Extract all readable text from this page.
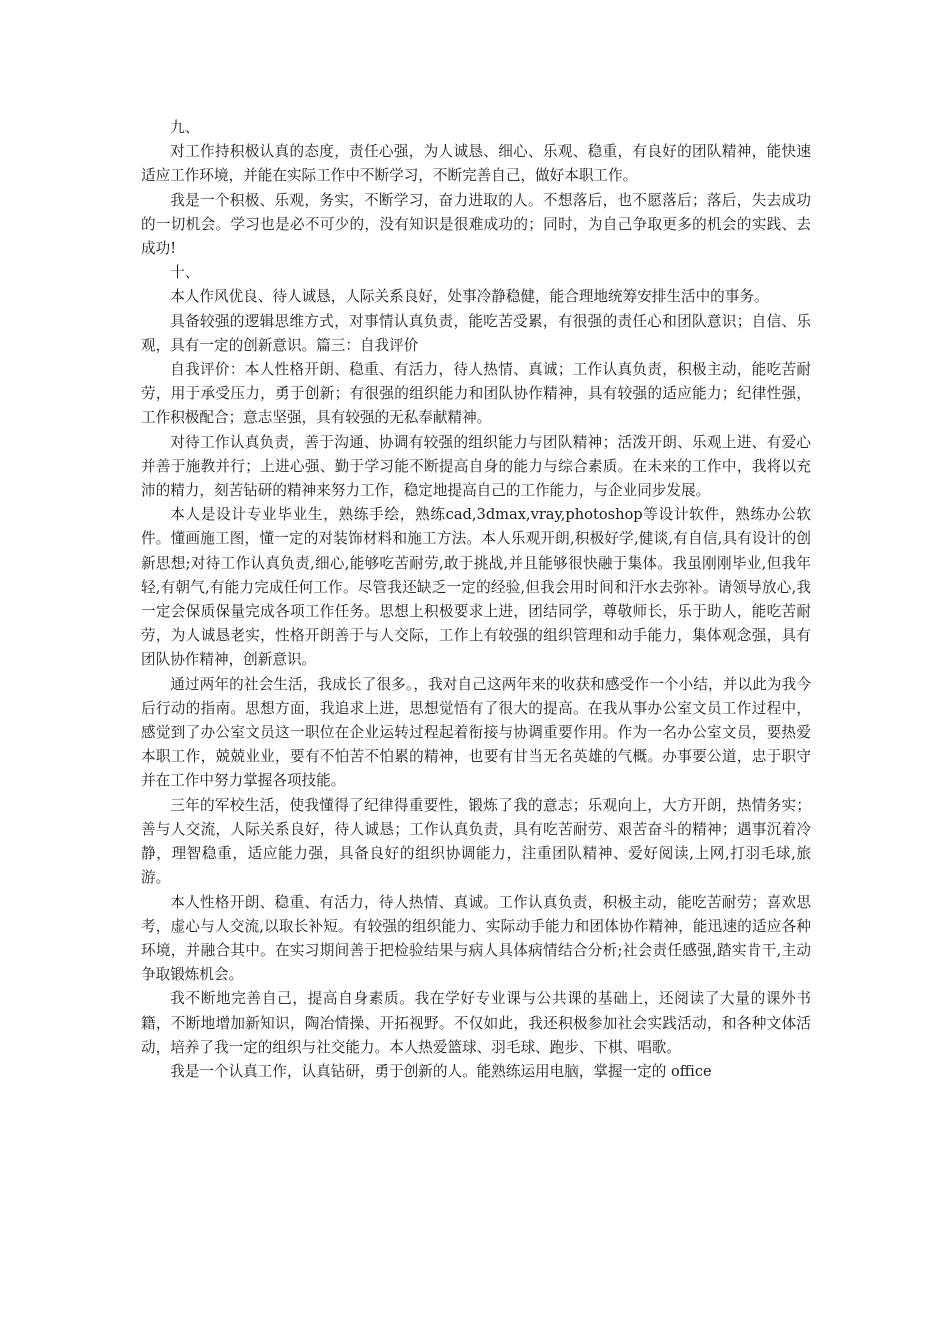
九、

对工作持积极认真的态度，责任心强，为人诚恳、细心、乐观、稳重，有良好的团队精神，能快速适应工作环境，并能在实际工作中不断学习，不断完善自己，做好本职工作。

我是一个积极、乐观，务实，不断学习，奋力进取的人。不想落后，也不愿落后；落后，失去成功的一切机会。学习也是必不可少的，没有知识是很难成功的；同时，为自己争取更多的机会的实践、去成功!

十、

本人作风优良、待人诚恳，人际关系良好，处事冷静稳健，能合理地统筹安排生活中的事务。

具备较强的逻辑思维方式，对事情认真负责，能吃苦受累，有很强的责任心和团队意识；自信、乐观，具有一定的创新意识。篇三：自我评价

自我评价：本人性格开朗、稳重、有活力，待人热情、真诚；工作认真负责，积极主动，能吃苦耐劳，用于承受压力，勇于创新；有很强的组织能力和团队协作精神，具有较强的适应能力；纪律性强，工作积极配合；意志坚强，具有较强的无私奉献精神。

对待工作认真负责，善于沟通、协调有较强的组织能力与团队精神；活泼开朗、乐观上进、有爱心并善于施教并行；上进心强、勤于学习能不断提高自身的能力与综合素质。在未来的工作中，我将以充沛的精力，刻苦钻研的精神来努力工作，稳定地提高自己的工作能力，与企业同步发展。

本人是设计专业毕业生，熟练手绘，熟练cad,3dmax,vray,photoshop等设计软件，熟练办公软件。懂画施工图，懂一定的对装饰材料和施工方法。本人乐观开朗,积极好学,健谈,有自信,具有设计的创新思想;对待工作认真负责,细心,能够吃苦耐劳,敢于挑战,并且能够很快融于集体。我虽刚刚毕业,但我年轻,有朝气,有能力完成任何工作。尽管我还缺乏一定的经验,但我会用时间和汗水去弥补。请领导放心,我一定会保质保量完成各项工作任务。思想上积极要求上进，团结同学，尊敬师长，乐于助人，能吃苦耐劳，为人诚恳老实，性格开朗善于与人交际，工作上有较强的组织管理和动手能力，集体观念强，具有团队协作精神，创新意识。

通过两年的社会生活，我成长了很多。，我对自己这两年来的收获和感受作一个小结，并以此为我今后行动的指南。思想方面，我追求上进，思想觉悟有了很大的提高。在我从事办公室文员工作过程中，感觉到了办公室文员这一职位在企业运转过程起着衔接与协调重要作用。作为一名办公室文员，要热爱本职工作，兢兢业业，要有不怕苦不怕累的精神，也要有甘当无名英雄的气概。办事要公道，忠于职守并在工作中努力掌握各项技能。

三年的军校生活，使我懂得了纪律得重要性，锻炼了我的意志；乐观向上，大方开朗，热情务实；善与人交流，人际关系良好，待人诚恳；工作认真负责，具有吃苦耐劳、艰苦奋斗的精神；遇事沉着冷静，理智稳重，适应能力强，具备良好的组织协调能力，注重团队精神、爱好阅读,上网,打羽毛球,旅游。

本人性格开朗、稳重、有活力，待人热情、真诚。工作认真负责，积极主动，能吃苦耐劳；喜欢思考，虚心与人交流,以取长补短。有较强的组织能力、实际动手能力和团体协作精神，能迅速的适应各种环境，并融合其中。在实习期间善于把检验结果与病人具体病情结合分析;社会责任感强,踏实肯干,主动争取锻炼机会。

我不断地完善自己，提高自身素质。我在学好专业课与公共课的基础上，还阅读了大量的课外书籍，不断地增加新知识，陶冶情操、开拓视野。不仅如此，我还积极参加社会实践活动，和各种文体活动，培养了我一定的组织与社交能力。本人热爱篮球、羽毛球、跑步、下棋、唱歌。

我是一个认真工作，认真钻研，勇于创新的人。能熟练运用电脑，掌握一定的 office
